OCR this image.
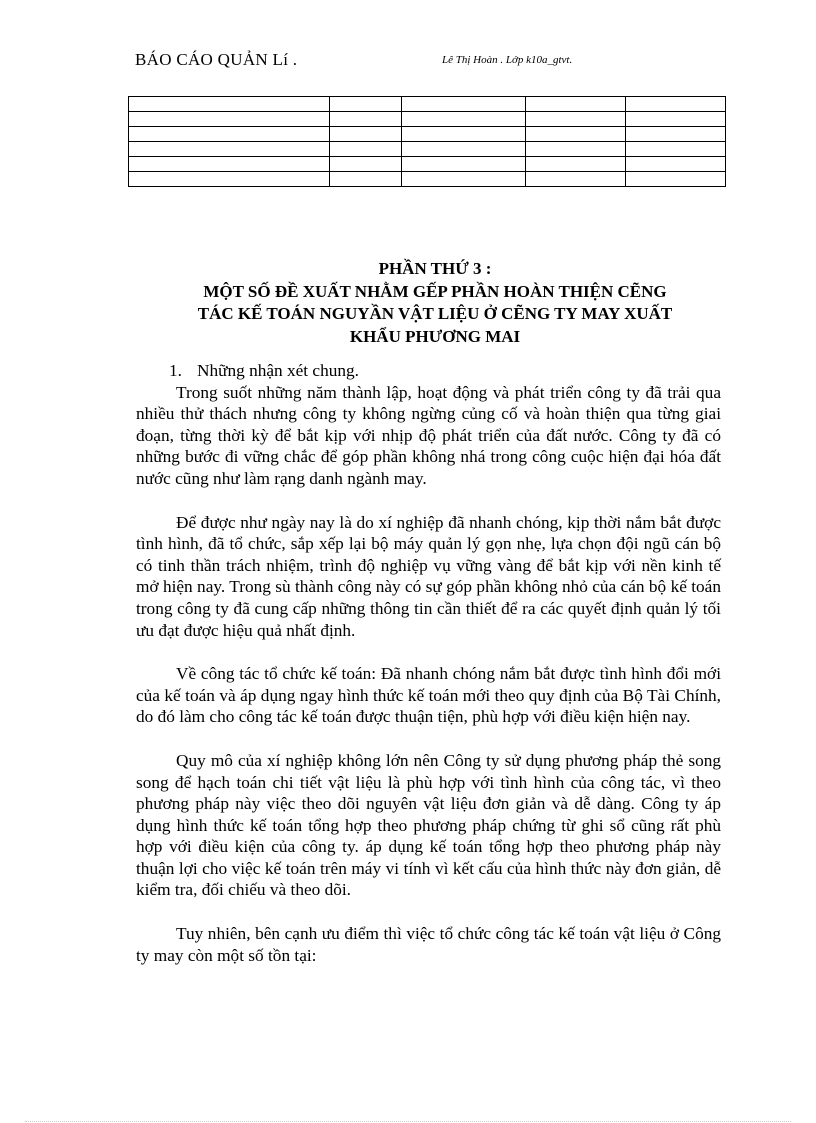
BÁO CÁO QUẢN Lí .	Lê Thị Hoàn . Lớp k10a_gtvt.

PHẦN THỨ 3 :
MỘT SỐ ĐỀ XUẤT NHẰM GẾP PHẦN HOÀN THIỆN CẼNG
TÁC KẾ TOÁN NGUYẦN VẬT LIỆU Ở CẼNG TY MAY XUẤT
KHẨU PHƯƠNG MAI
1. Những nhận xét chung.

Trong suốt những năm thành lập, hoạt động và phát triển công ty đã trải qua nhiều thử thách nhưng công ty không ngừng củng cố và hoàn thiện qua từng giai đoạn, từng thời kỳ để bắt kịp với nhịp độ phát triển của đất nước. Công ty đã có những bước đi vững chắc để góp phần không nhá trong công cuộc hiện đại hóa đất nước cũng như làm rạng danh ngành may.

Để được như ngày nay là do xí nghiệp đã nhanh chóng, kịp thời nắm bắt được tình hình, đã tổ chức, sắp xếp lại bộ máy quản lý gọn nhẹ, lựa chọn đội ngũ cán bộ có tinh thần trách nhiệm, trình độ nghiệp vụ vững vàng để bắt kịp với nền kinh tế mở hiện nay. Trong sù thành công này có sự góp phần không nhỏ của cán bộ kế toán trong công ty đã cung cấp những thông tin cần thiết để ra các quyết định quản lý tối ưu đạt được hiệu quả nhất định.

Về công tác tổ chức kế toán: Đã nhanh chóng nắm bắt được tình hình đổi mới của kế toán và áp dụng ngay hình thức kế toán mới theo quy định của Bộ Tài Chính, do đó làm cho công tác kế toán được thuận tiện, phù hợp với điều kiện hiện nay.

Quy mô của xí nghiệp không lớn nên Công ty sử dụng phương pháp thẻ song song để hạch toán chi tiết vật liệu là phù hợp với tình hình của công tác, vì theo phương pháp này việc theo dõi nguyên vật liệu đơn giản và dễ dàng. Công ty áp dụng hình thức kế toán tổng hợp theo phương pháp chứng từ ghi sổ cũng rất phù hợp với điều kiện của công ty. áp dụng kế toán tổng hợp theo phương pháp này thuận lợi cho việc kế toán trên máy vi tính vì kết cấu của hình thức này đơn giản, dễ kiểm tra, đối chiếu và theo dõi.

Tuy nhiên, bên cạnh ưu điểm thì việc tổ chức công tác kế toán vật liệu ở Công ty may còn một số tồn tại:
